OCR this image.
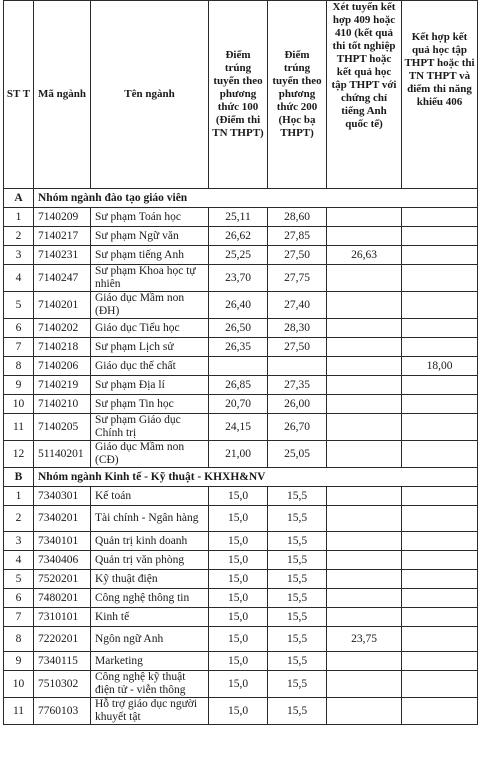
ST T	Mã ngành	Tên ngành	Điểm trúng tuyển theo phương thức 100 (Điểm thi TN THPT)	Điểm trúng tuyển theo phương thức 200 (Học bạ THPT)	Xét tuyển kết hợp 409 hoặc 410 (kết quả thi tốt nghiệp THPT hoặc kết quả học tập THPT với chứng chỉ tiếng Anh quốc tế)	Kết hợp kết quả học tập THPT hoặc thi TN THPT và điểm thi năng khiếu 406
A	Nhóm ngành đào tạo giáo viên					
1	7140209	Sư phạm Toán học	25,11	28,60		
2	7140217	Sư phạm Ngữ văn	26,62	27,85		
3	7140231	Sư phạm tiếng Anh	25,25	27,50	26,63	
4	7140247	Sư phạm Khoa học tự nhiên	23,70	27,75		
5	7140201	Giáo dục Mầm non (ĐH)	26,40	27,40		
6	7140202	Giáo dục Tiểu học	26,50	28,30		
7	7140218	Sư phạm Lịch sử	26,35	27,50		
8	7140206	Giáo dục thể chất				18,00
9	7140219	Sư phạm Địa lí	26,85	27,35		
10	7140210	Sư phạm Tin học	20,70	26,00		
11	7140205	Sư phạm Giáo dục Chính trị	24,15	26,70		
12	51140201	Giáo dục Mầm non (CĐ)	21,00	25,05		
B	Nhóm ngành Kinh tế - Kỹ thuật - KHXH&NV					
1	7340301	Kế toán	15,0	15,5		
2	7340201	Tài chính - Ngân hàng	15,0	15,5		
3	7340101	Quản trị kinh doanh	15,0	15,5		
4	7340406	Quản trị văn phòng	15,0	15,5		
5	7520201	Kỹ thuật điện	15,0	15,5		
6	7480201	Công nghệ thông tin	15,0	15,5		
7	7310101	Kinh tế	15,0	15,5		
8	7220201	Ngôn ngữ Anh	15,0	15,5	23,75	
9	7340115	Marketing	15,0	15,5		
10	7510302	Công nghệ kỹ thuật điện tử - viễn thông	15,0	15,5		
11	7760103	Hỗ trợ giáo dục người khuyết tật	15,0	15,5		
